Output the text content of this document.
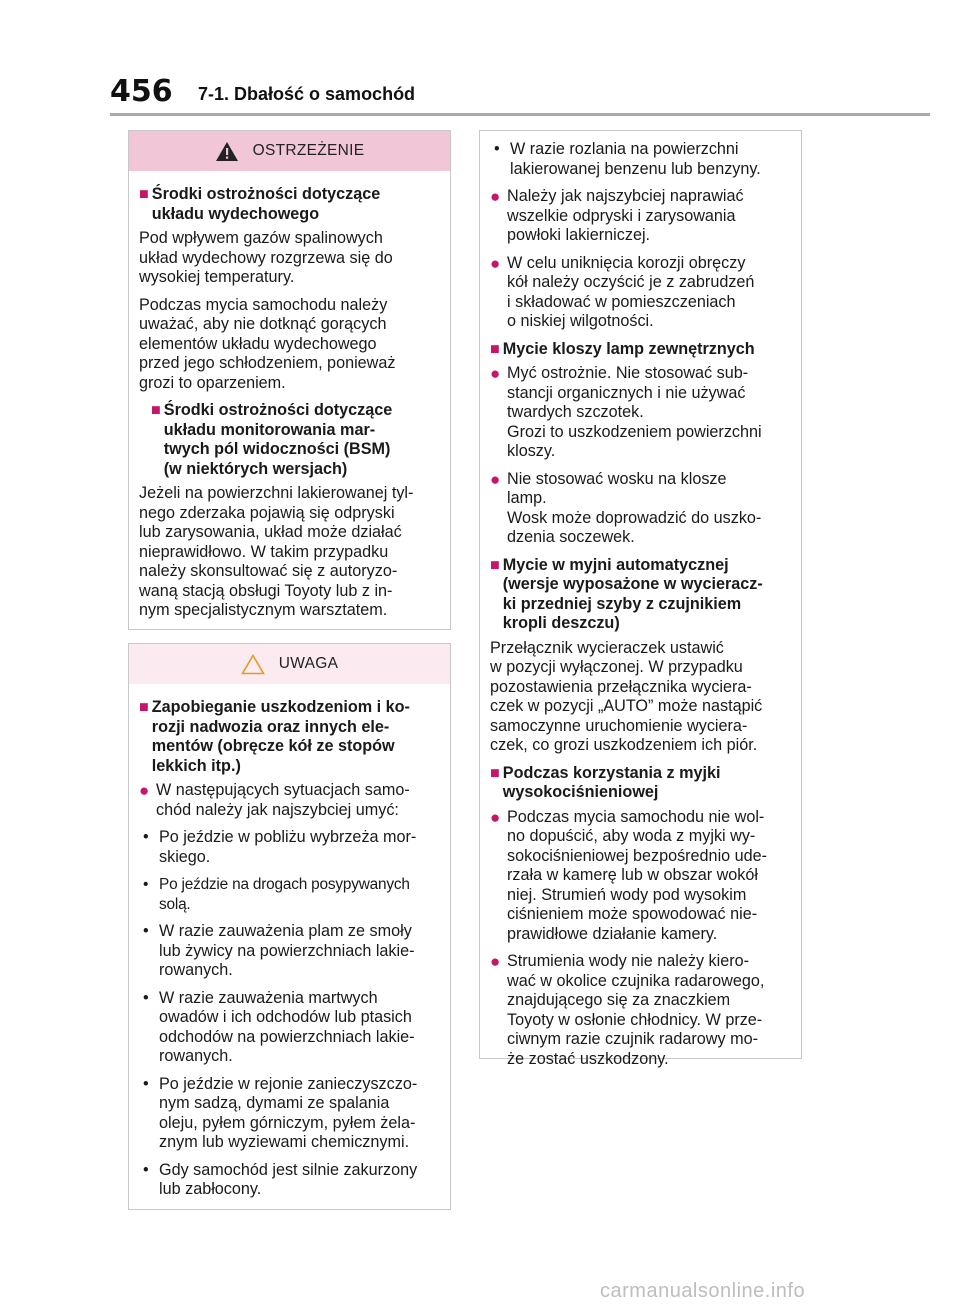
456 7-1. Dbałość o samochód
OSTRZEŻENIE
■ Środki ostrożności dotyczące
układu wydechowego
Pod wpływem gazów spalinowych
układ wydechowy rozgrzewa się do
wysokiej temperatury.
Podczas mycia samochodu należy
uważać, aby nie dotknąć gorących
elementów układu wydechowego
przed jego schłodzeniem, ponieważ
grozi to oparzeniem.
■ Środki ostrożności dotyczące
układu monitorowania mar-
twych pól widoczności (BSM)
(w niektórych wersjach)
Jeżeli na powierzchni lakierowanej tyl-
nego zderzaka pojawią się odpryski
lub zarysowania, układ może działać
nieprawidłowo. W takim przypadku
należy skonsultować się z autoryzo-
waną stacją obsługi Toyoty lub z in-
nym specjalistycznym warsztatem.
UWAGA
■ Zapobieganie uszkodzeniom i ko-
rozji nadwozia oraz innych ele-
mentów (obręcze kół ze stopów
lekkich itp.)
● W następujących sytuacjach samo-
chód należy jak najszybciej umyć:
• Po jeździe w pobliżu wybrzeża mor-
skiego.
• Po jeździe na drogach posypywanych
solą.
• W razie zauważenia plam ze smoły
lub żywicy na powierzchniach lakie-
rowanych.
• W razie zauważenia martwych
owadów i ich odchodów lub ptasich
odchodów na powierzchniach lakie-
rowanych.
• Po jeździe w rejonie zanieczyszczo-
nym sadzą, dymami ze spalania
oleju, pyłem górniczym, pyłem żela-
znym lub wyziewami chemicznymi.
• Gdy samochód jest silnie zakurzony
lub zabłocony.
• W razie rozlania na powierzchni
lakierowanej benzenu lub benzyny.
● Należy jak najszybciej naprawiać
wszelkie odpryski i zarysowania
powłoki lakierniczej.
● W celu uniknięcia korozji obręczy
kół należy oczyścić je z zabrudzeń
i składować w pomieszczeniach
o niskiej wilgotności.
■ Mycie kloszy lamp zewnętrznych
● Myć ostrożnie. Nie stosować sub-
stancji organicznych i nie używać
twardych szczotek.
Grozi to uszkodzeniem powierzchni
kloszy.
● Nie stosować wosku na klosze
lamp.
Wosk może doprowadzić do uszko-
dzenia soczewek.
■ Mycie w myjni automatycznej
(wersje wyposażone w wycieracz-
ki przedniej szyby z czujnikiem
kropli deszczu)
Przełącznik wycieraczek ustawić
w pozycji wyłączonej. W przypadku
pozostawienia przełącznika wyciera-
czek w pozycji „AUTO” może nastąpić
samoczynne uruchomienie wyciera-
czek, co grozi uszkodzeniem ich piór.
■ Podczas korzystania z myjki
wysokociśnieniowej
● Podczas mycia samochodu nie wol-
no dopuścić, aby woda z myjki wy-
sokociśnieniowej bezpośrednio ude-
rzała w kamerę lub w obszar wokół
niej. Strumień wody pod wysokim
ciśnieniem może spowodować nie-
prawidłowe działanie kamery.
● Strumienia wody nie należy kiero-
wać w okolice czujnika radarowego,
znajdującego się za znaczkiem
Toyoty w osłonie chłodnicy. W prze-
ciwnym razie czujnik radarowy mo-
że zostać uszkodzony.
carmanualsonline.info
